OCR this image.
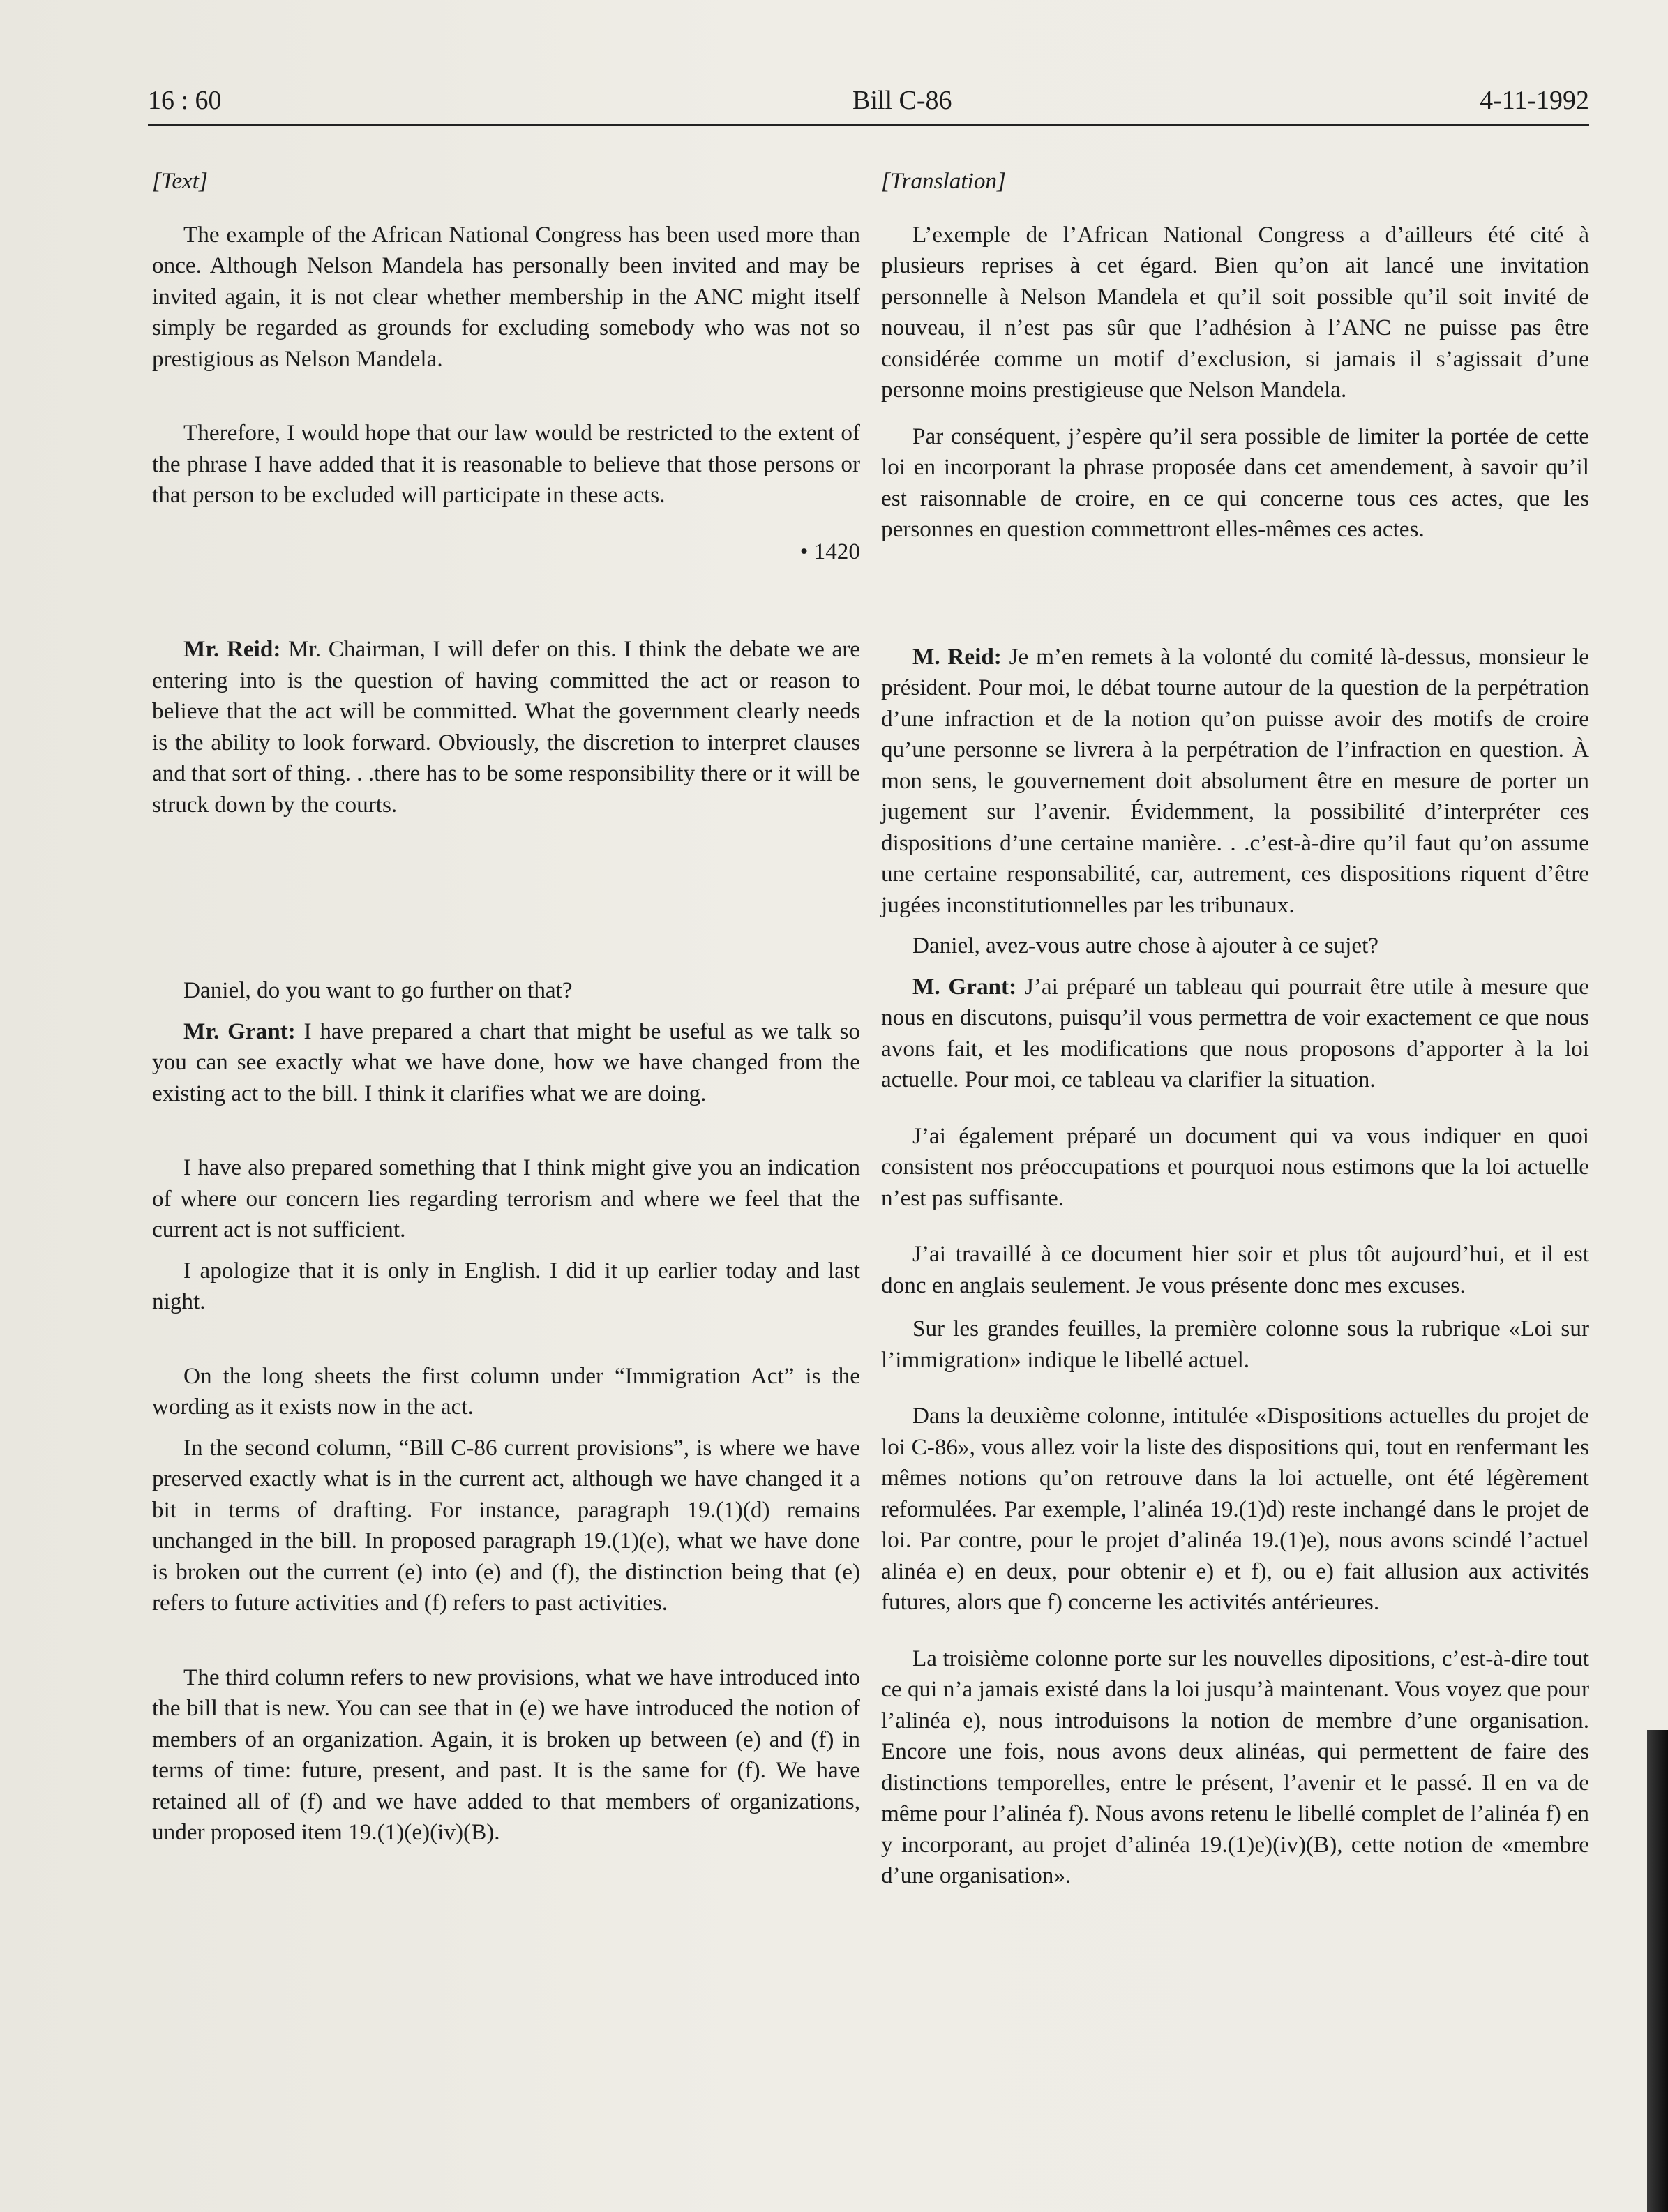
16 : 60	Bill C-86	4-11-1992

[Text]

The example of the African National Congress has been used more than once. Although Nelson Mandela has personally been invited and may be invited again, it is not clear whether membership in the ANC might itself simply be regarded as grounds for excluding somebody who was not so prestigious as Nelson Mandela.

Therefore, I would hope that our law would be restricted to the extent of the phrase I have added that it is reasonable to believe that those persons or that person to be excluded will participate in these acts.

• 1420

Mr. Reid: Mr. Chairman, I will defer on this. I think the debate we are entering into is the question of having committed the act or reason to believe that the act will be committed. What the government clearly needs is the ability to look forward. Obviously, the discretion to interpret clauses and that sort of thing. . .there has to be some responsibility there or it will be struck down by the courts.

Daniel, do you want to go further on that?

Mr. Grant: I have prepared a chart that might be useful as we talk so you can see exactly what we have done, how we have changed from the existing act to the bill. I think it clarifies what we are doing.

I have also prepared something that I think might give you an indication of where our concern lies regarding terrorism and where we feel that the current act is not sufficient.

I apologize that it is only in English. I did it up earlier today and last night.

On the long sheets the first column under “Immigration Act” is the wording as it exists now in the act.

In the second column, “Bill C-86 current provisions”, is where we have preserved exactly what is in the current act, although we have changed it a bit in terms of drafting. For instance, paragraph 19.(1)(d) remains unchanged in the bill. In proposed paragraph 19.(1)(e), what we have done is broken out the current (e) into (e) and (f), the distinction being that (e) refers to future activities and (f) refers to past activities.

The third column refers to new provisions, what we have introduced into the bill that is new. You can see that in (e) we have introduced the notion of members of an organization. Again, it is broken up between (e) and (f) in terms of time: future, present, and past. It is the same for (f). We have retained all of (f) and we have added to that members of organizations, under proposed item 19.(1)(e)(iv)(B).

[Translation]

L’exemple de l’African National Congress a d’ailleurs été cité à plusieurs reprises à cet égard. Bien qu’on ait lancé une invitation personnelle à Nelson Mandela et qu’il soit possible qu’il soit invité de nouveau, il n’est pas sûr que l’adhésion à l’ANC ne puisse pas être considérée comme un motif d’exclusion, si jamais il s’agissait d’une personne moins prestigieuse que Nelson Mandela.

Par conséquent, j’espère qu’il sera possible de limiter la portée de cette loi en incorporant la phrase proposée dans cet amendement, à savoir qu’il est raisonnable de croire, en ce qui concerne tous ces actes, que les personnes en question commettront elles-mêmes ces actes.

M. Reid: Je m’en remets à la volonté du comité là-dessus, monsieur le président. Pour moi, le débat tourne autour de la question de la perpétration d’une infraction et de la notion qu’on puisse avoir des motifs de croire qu’une personne se livrera à la perpétration de l’infraction en question. À mon sens, le gouvernement doit absolument être en mesure de porter un jugement sur l’avenir. Évidemment, la possibilité d’interpréter ces dispositions d’une certaine manière. . .c’est-à-dire qu’il faut qu’on assume une certaine responsabilité, car, autrement, ces dispositions riquent d’être jugées inconstitutionnelles par les tribunaux.

Daniel, avez-vous autre chose à ajouter à ce sujet?

M. Grant: J’ai préparé un tableau qui pourrait être utile à mesure que nous en discutons, puisqu’il vous permettra de voir exactement ce que nous avons fait, et les modifications que nous proposons d’apporter à la loi actuelle. Pour moi, ce tableau va clarifier la situation.

J’ai également préparé un document qui va vous indiquer en quoi consistent nos préoccupations et pourquoi nous estimons que la loi actuelle n’est pas suffisante.

J’ai travaillé à ce document hier soir et plus tôt aujourd’hui, et il est donc en anglais seulement. Je vous présente donc mes excuses.

Sur les grandes feuilles, la première colonne sous la rubrique «Loi sur l’immigration» indique le libellé actuel.

Dans la deuxième colonne, intitulée «Dispositions actuelles du projet de loi C-86», vous allez voir la liste des dispositions qui, tout en renfermant les mêmes notions qu’on retrouve dans la loi actuelle, ont été légèrement reformulées. Par exemple, l’alinéa 19.(1)d) reste inchangé dans le projet de loi. Par contre, pour le projet d’alinéa 19.(1)e), nous avons scindé l’actuel alinéa e) en deux, pour obtenir e) et f), ou e) fait allusion aux activités futures, alors que f) concerne les activités antérieures.

La troisième colonne porte sur les nouvelles dipositions, c’est-à-dire tout ce qui n’a jamais existé dans la loi jusqu’à maintenant. Vous voyez que pour l’alinéa e), nous introduisons la notion de membre d’une organisation. Encore une fois, nous avons deux alinéas, qui permettent de faire des distinctions temporelles, entre le présent, l’avenir et le passé. Il en va de même pour l’alinéa f). Nous avons retenu le libellé complet de l’alinéa f) en y incorporant, au projet d’alinéa 19.(1)e)(iv)(B), cette notion de «membre d’une organisation».
